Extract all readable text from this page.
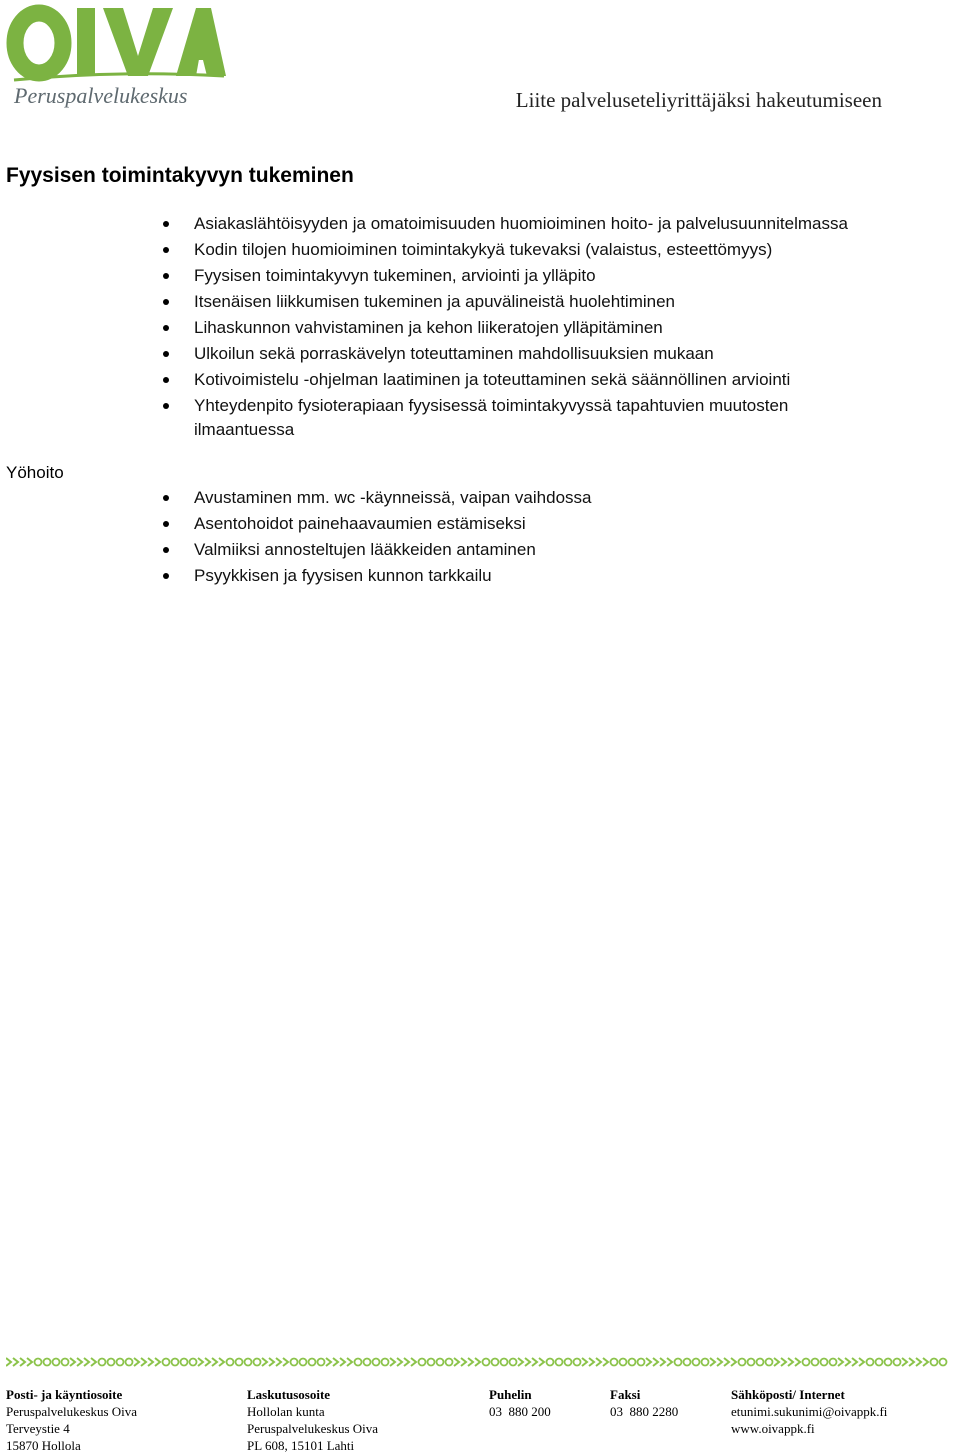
Peruspalvelukeskus	Liite palveluseteliyrittäjäksi hakeutumiseen
Fyysisen toimintakyvyn tukeminen
Asiakaslähtöisyyden ja omatoimisuuden huomioiminen hoito- ja palvelusuunnitelmassa
Kodin tilojen huomioiminen toimintakykyä tukevaksi (valaistus, esteettömyys)
Fyysisen toimintakyvyn tukeminen, arviointi ja ylläpito
Itsenäisen liikkumisen tukeminen ja apuvälineistä huolehtiminen
Lihaskunnon vahvistaminen ja kehon liikeratojen ylläpitäminen
Ulkoilun sekä porraskävelyn toteuttaminen mahdollisuuksien mukaan
Kotivoimistelu -ohjelman laatiminen ja toteuttaminen sekä säännöllinen arviointi
Yhteydenpito fysioterapiaan fyysisessä toimintakyvyssä tapahtuvien muutosten ilmaantuessa
Yöhoito
Avustaminen mm. wc -käynneissä, vaipan vaihdossa
Asentohoidot painehaavaumien estämiseksi
Valmiiksi annosteltujen lääkkeiden antaminen
Psyykkisen ja fyysisen kunnon tarkkailu
Posti- ja käyntiosoite
Peruspalvelukeskus Oiva
Terveystie 4
15870 Hollola
Laskutusosoite
Hollolan kunta
Peruspalvelukeskus Oiva
PL 608, 15101 Lahti
Puhelin
03  880 200
Faksi
03  880 2280
Sähköposti/ Internet
etunimi.sukunimi@oivappk.fi
www.oivappk.fi
